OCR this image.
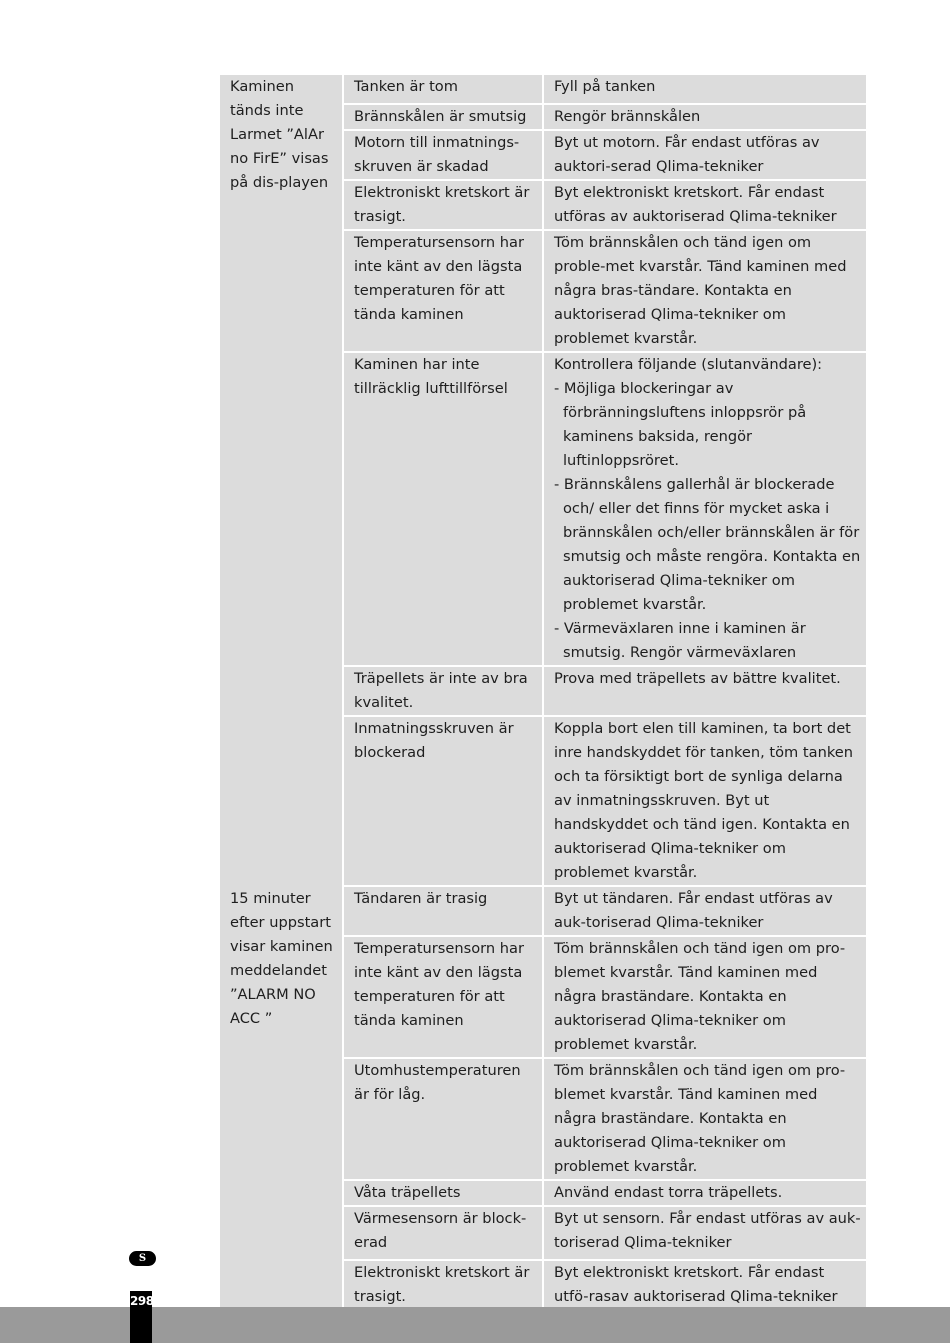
Kaminen tänds inte Larmet ”AlAr no FirE” visas på dis-playen	Tanken är tom	Fyll på tanken

	Brännskålen är smutsig	Rengör brännskålen

	Motorn till inmatnings-skruven är skadad	Byt ut motorn. Får endast utföras av auktori-serad Qlima-tekniker

	Elektroniskt kretskort är trasigt.	Byt elektroniskt kretskort. Får endast utföras av auktoriserad Qlima-tekniker

	Temperatursensorn har inte känt av den lägsta temperaturen för att tända kaminen	Töm brännskålen och tänd igen om proble-met kvarstår. Tänd kaminen med några bras-tändare. Kontakta en auktoriserad Qlima-tekniker om problemet kvarstår.

	Kaminen har inte tillräcklig lufttillförsel	Kontrollera följande (slutanvändare):
- Möjliga blockeringar av förbränningsluftens inloppsrör på kaminens baksida, rengör luftinloppsröret.
- Brännskålens gallerhål är blockerade och/ eller det finns för mycket aska i brännskålen och/eller brännskålen är för smutsig och måste rengöra. Kontakta en auktoriserad Qlima-tekniker om problemet kvarstår.
- Värmeväxlaren inne i kaminen är smutsig. Rengör värmeväxlaren

	Träpellets är inte av bra kvalitet.	Prova med träpellets av bättre kvalitet.

	Inmatningsskruven är blockerad	Koppla bort elen till kaminen, ta bort det inre handskyddet för tanken, töm tanken och ta försiktigt bort de synliga delarna av inmatningsskruven. Byt ut handskyddet och tänd igen. Kontakta en auktoriserad Qlima-tekniker om problemet kvarstår.

15 minuter efter uppstart visar kaminen meddelandet ”ALARM NO ACC ”	Tändaren är trasig	Byt ut tändaren. Får endast utföras av auk-toriserad Qlima-tekniker

	Temperatursensorn har inte känt av den lägsta temperaturen för att tända kaminen	Töm brännskålen och tänd igen om pro-blemet kvarstår. Tänd kaminen med några braständare. Kontakta en auktoriserad Qlima-tekniker om problemet kvarstår.

	Utomhustemperaturen är för låg.	Töm brännskålen och tänd igen om pro-blemet kvarstår. Tänd kaminen med några braständare. Kontakta en auktoriserad Qlima-tekniker om problemet kvarstår.

	Våta träpellets	Använd endast torra träpellets.

	Värmesensorn är block-erad	Byt ut sensorn. Får endast utföras av auk-toriserad Qlima-tekniker

	Elektroniskt kretskort är trasigt.	Byt elektroniskt kretskort. Får endast utfö-rasav auktoriserad Qlima-tekniker

S
298
